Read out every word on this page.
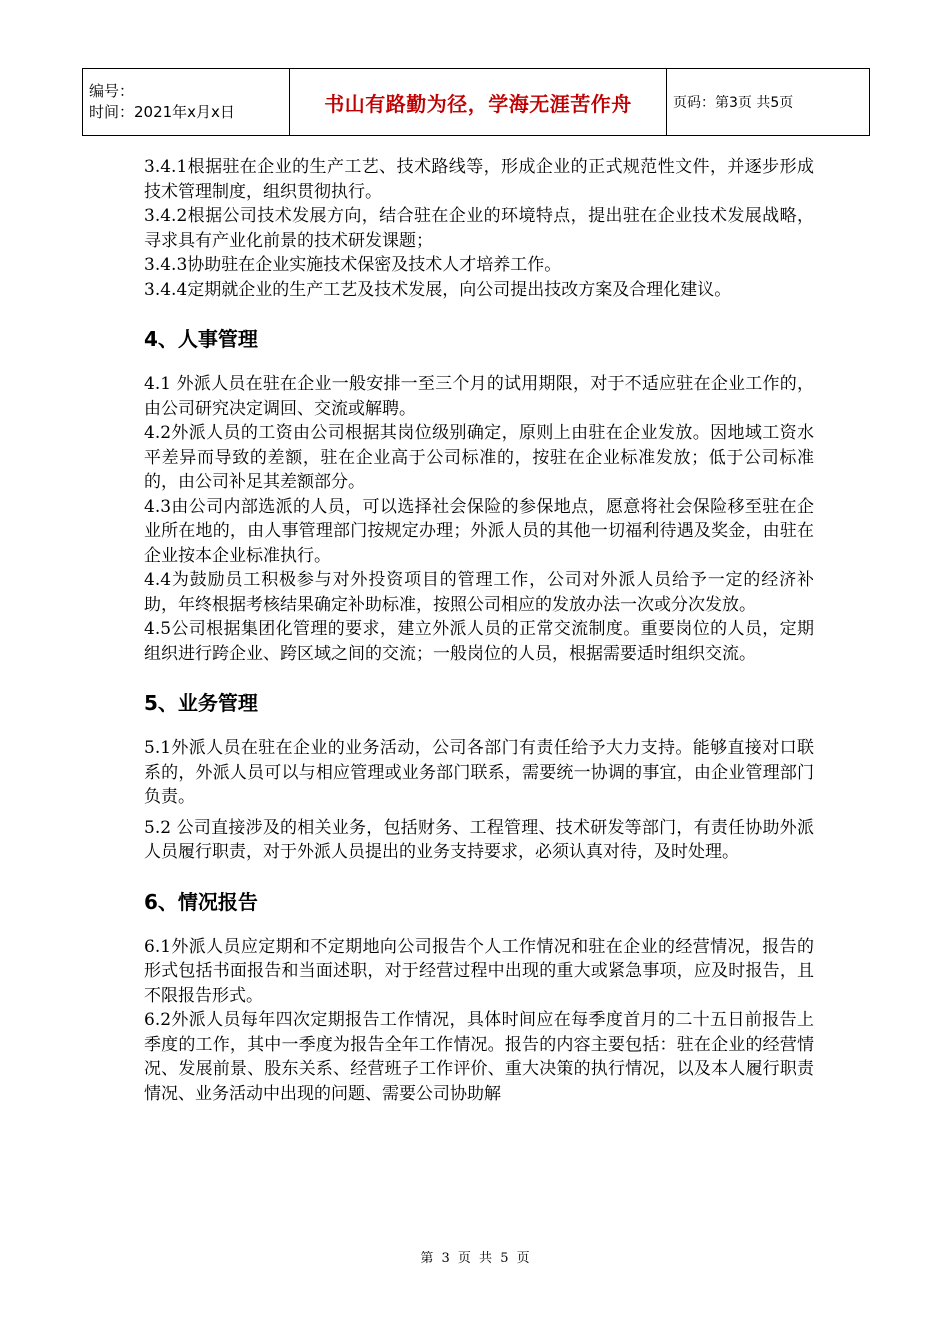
编号：
时间：2021年x月x日	书山有路勤为径，学海无涯苦作舟	页码：第3页 共5页

3.4.1根据驻在企业的生产工艺、技术路线等，形成企业的正式规范性文件，并逐步形成技术管理制度，组织贯彻执行。

3.4.2根据公司技术发展方向，结合驻在企业的环境特点，提出驻在企业技术发展战略，寻求具有产业化前景的技术研发课题；

3.4.3协助驻在企业实施技术保密及技术人才培养工作。

3.4.4定期就企业的生产工艺及技术发展，向公司提出技改方案及合理化建议。

4、人事管理

4.1 外派人员在驻在企业一般安排一至三个月的试用期限，对于不适应驻在企业工作的，由公司研究决定调回、交流或解聘。

4.2外派人员的工资由公司根据其岗位级别确定，原则上由驻在企业发放。因地域工资水平差异而导致的差额，驻在企业高于公司标准的，按驻在企业标准发放；低于公司标准的，由公司补足其差额部分。

4.3由公司内部选派的人员，可以选择社会保险的参保地点，愿意将社会保险移至驻在企业所在地的，由人事管理部门按规定办理；外派人员的其他一切福利待遇及奖金，由驻在企业按本企业标准执行。

4.4为鼓励员工积极参与对外投资项目的管理工作，公司对外派人员给予一定的经济补助，年终根据考核结果确定补助标准，按照公司相应的发放办法一次或分次发放。

4.5公司根据集团化管理的要求，建立外派人员的正常交流制度。重要岗位的人员，定期组织进行跨企业、跨区域之间的交流；一般岗位的人员，根据需要适时组织交流。

5、业务管理

5.1外派人员在驻在企业的业务活动，公司各部门有责任给予大力支持。能够直接对口联系的，外派人员可以与相应管理或业务部门联系，需要统一协调的事宜，由企业管理部门负责。

5.2 公司直接涉及的相关业务，包括财务、工程管理、技术研发等部门，有责任协助外派人员履行职责，对于外派人员提出的业务支持要求，必须认真对待，及时处理。

6、情况报告

6.1外派人员应定期和不定期地向公司报告个人工作情况和驻在企业的经营情况，报告的形式包括书面报告和当面述职，对于经营过程中出现的重大或紧急事项，应及时报告，且不限报告形式。

6.2外派人员每年四次定期报告工作情况，具体时间应在每季度首月的二十五日前报告上季度的工作，其中一季度为报告全年工作情况。报告的内容主要包括：驻在企业的经营情况、发展前景、股东关系、经营班子工作评价、重大决策的执行情况，以及本人履行职责情况、业务活动中出现的问题、需要公司协助解

第 3 页 共 5 页
